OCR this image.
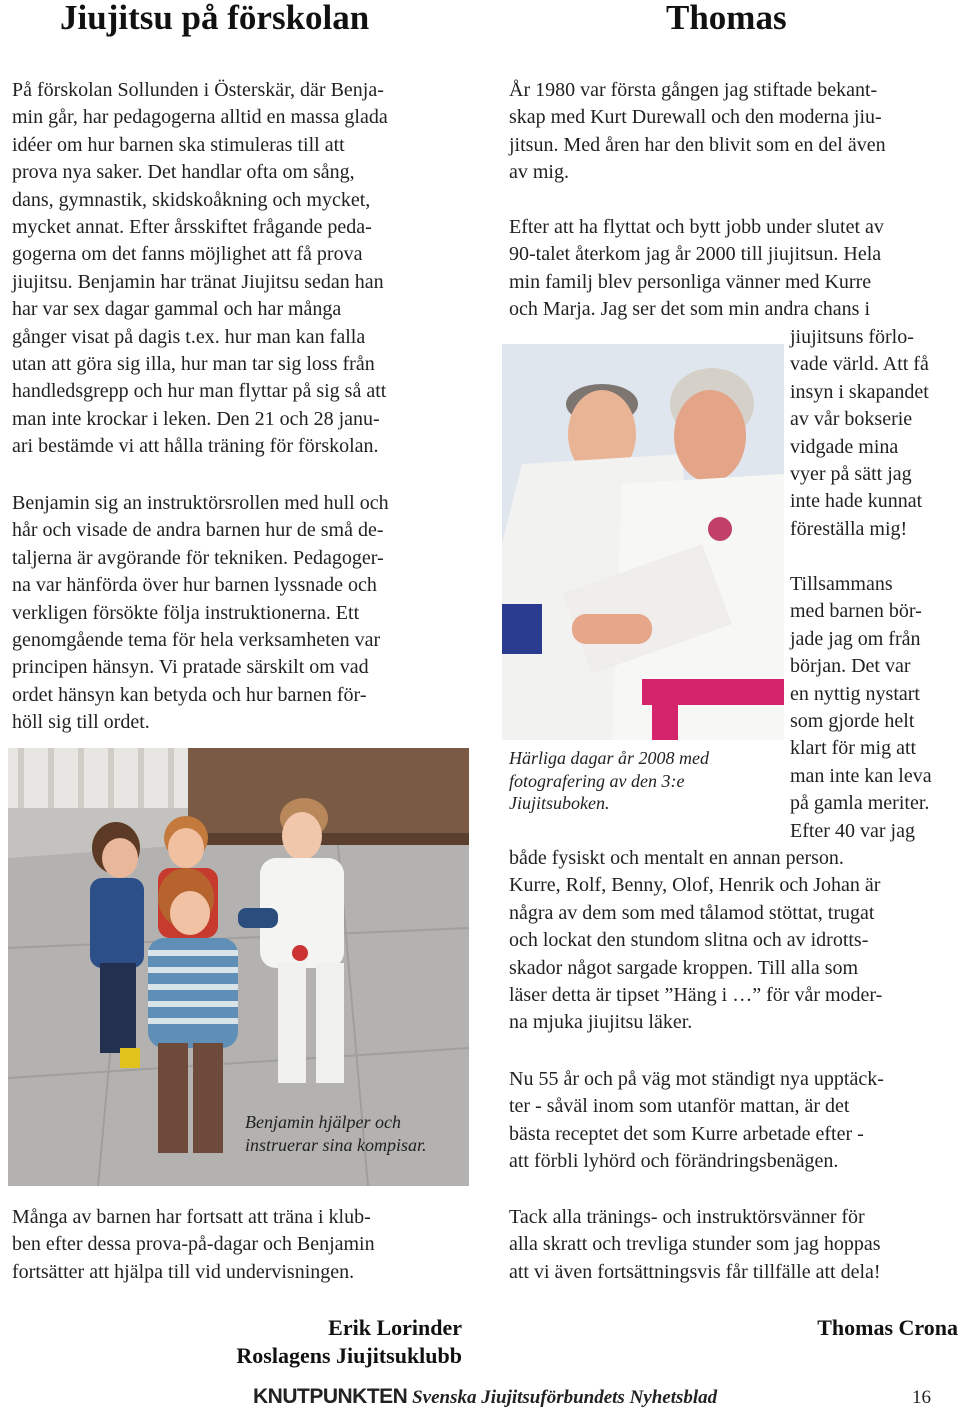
Jiujitsu på förskolan
På förskolan Sollunden i Österskär, där Benja-
min går, har pedagogerna alltid en massa glada
idéer om hur barnen ska stimuleras till att
prova nya saker. Det handlar ofta om sång,
dans, gymnastik, skidskoåkning och mycket,
mycket annat. Efter årsskiftet frågande peda-
gogerna om det fanns möjlighet att få prova
jiujitsu. Benjamin har tränat Jiujitsu sedan han
har var sex dagar gammal och har många
gånger visat på dagis t.ex. hur man kan falla
utan att göra sig illa, hur man tar sig loss från
handledsgrepp och hur man flyttar på sig så att
man inte krockar i leken. Den 21 och 28 janu-
ari bestämde vi att hålla träning för förskolan.
Benjamin sig an instruktörsrollen med hull och
hår och visade de andra barnen hur de små de-
taljerna är avgörande för tekniken. Pedagoger-
na var hänförda över hur barnen lyssnade och
verkligen försökte följa instruktionerna. Ett
genomgående tema för hela verksamheten var
principen hänsyn. Vi pratade särskilt om vad
ordet hänsyn kan betyda och hur barnen för-
höll sig till ordet.
Benjamin hjälper och
instruerar sina kompisar.
Många av barnen har fortsatt att träna i klub-
ben efter dessa prova-på-dagar och Benjamin
fortsätter att hjälpa till vid undervisningen.
Erik Lorinder
Roslagens Jiujitsuklubb
Thomas
År 1980 var första gången jag stiftade bekant-
skap med Kurt Durewall och den moderna jiu-
jitsun. Med åren har den blivit som en del även
av mig.
Efter att ha flyttat och bytt jobb under slutet av
90-talet återkom jag år 2000 till jiujitsun. Hela
min familj blev personliga vänner med Kurre
och Marja. Jag ser det som min andra chans i
jiujitsuns förlo-
vade värld. Att få
insyn i skapandet
av vår bokserie
vidgade mina
vyer på sätt jag
inte hade kunnat
föreställa mig!
Tillsammans
med barnen bör-
jade jag om från
början. Det var
en nyttig nystart
som gjorde helt
klart för mig att
man inte kan leva
på gamla meriter.
Efter 40 var jag
både fysiskt och mentalt en annan person.
Kurre, Rolf, Benny, Olof, Henrik och Johan är
några av dem som med tålamod stöttat, trugat
och lockat den stundom slitna och av idrotts-
skador något sargade kroppen. Till alla som
läser detta är tipset ”Häng i …” för vår moder-
na mjuka jiujitsu läker.
Härliga dagar år 2008 med
fotografering av den 3:e
Jiujitsuboken.
Nu 55 år och på väg mot ständigt nya upptäck-
ter - såväl inom som utanför mattan, är det
bästa receptet det som Kurre arbetade efter -
att förbli lyhörd och förändringsbenägen.
Tack alla tränings- och instruktörsvänner för
alla skratt och trevliga stunder som jag hoppas
att vi även fortsättningsvis får tillfälle att dela!
Thomas Crona
KNUTPUNKTEN Svenska Jiujitsuförbundets Nyhetsblad	16
